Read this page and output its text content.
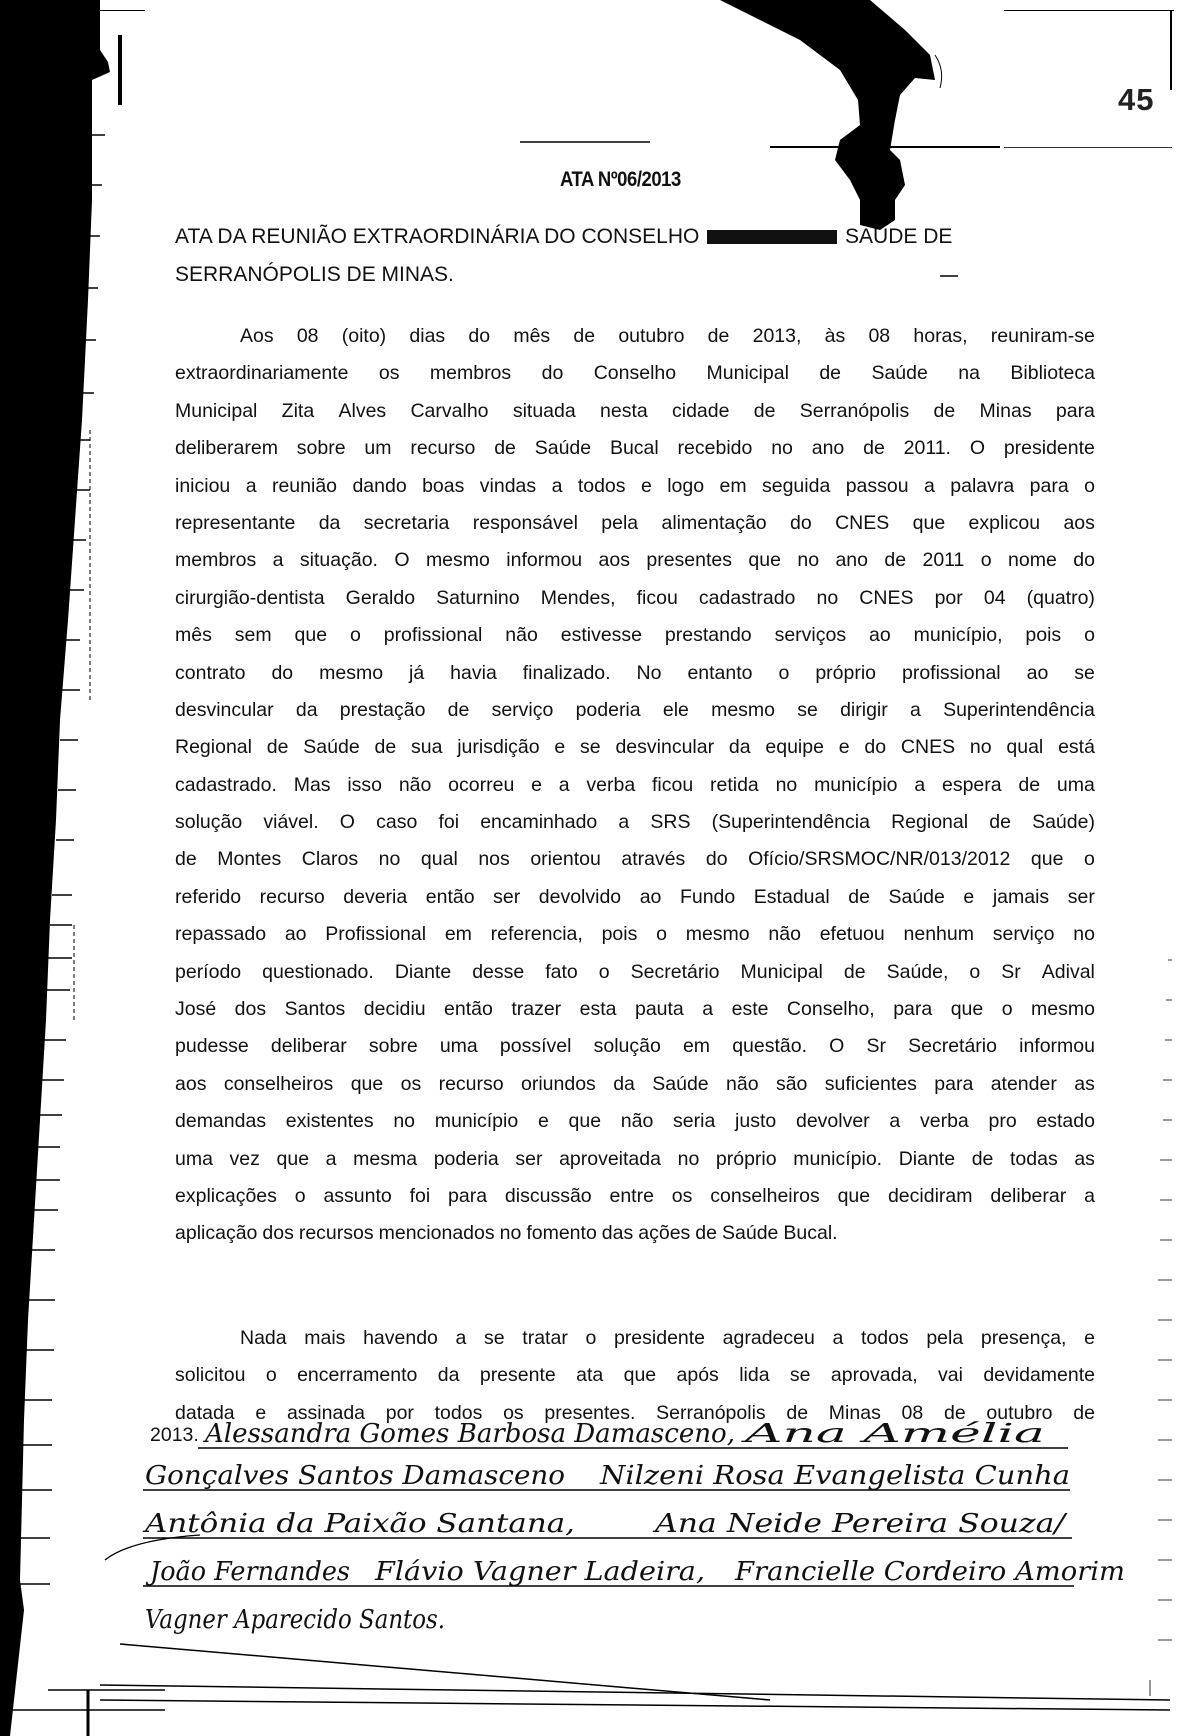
45
ATA Nº06/2013
ATA DA REUNIÃO EXTRAORDINÁRIA DO CONSELHO	SAÚDE DE
SERRANÓPOLIS DE MINAS.
Aos 08 (oito) dias do mês de outubro de 2013, às 08 horas, reuniram-se
extraordinariamente os membros do Conselho Municipal de Saúde na Biblioteca
Municipal Zita Alves Carvalho situada nesta cidade de Serranópolis de Minas para
deliberarem sobre um recurso de Saúde Bucal recebido no ano de 2011. O presidente
iniciou a reunião dando boas vindas a todos e logo em seguida passou a palavra para o
representante da secretaria responsável pela alimentação do CNES que explicou aos
membros a situação. O mesmo informou aos presentes que no ano de 2011 o nome do
cirurgião-dentista Geraldo Saturnino Mendes, ficou cadastrado no CNES por 04 (quatro)
mês sem que o profissional não estivesse prestando serviços ao município, pois o
contrato do mesmo já havia finalizado. No entanto o próprio profissional ao se
desvincular da prestação de serviço poderia ele mesmo se dirigir a Superintendência
Regional de Saúde de sua jurisdição e se desvincular da equipe e do CNES no qual está
cadastrado. Mas isso não ocorreu e a verba ficou retida no município a espera de uma
solução viável. O caso foi encaminhado a SRS (Superintendência Regional de Saúde)
de Montes Claros no qual nos orientou através do Ofício/SRSMOC/NR/013/2012 que o
referido recurso deveria então ser devolvido ao Fundo Estadual de Saúde e jamais ser
repassado ao Profissional em referencia, pois o mesmo não efetuou nenhum serviço no
período questionado. Diante desse fato o Secretário Municipal de Saúde, o Sr Adival
José dos Santos decidiu então trazer esta pauta a este Conselho, para que o mesmo
pudesse deliberar sobre uma possível solução em questão. O Sr Secretário informou
aos conselheiros que os recurso oriundos da Saúde não são suficientes para atender as
demandas existentes no município e que não seria justo devolver a verba pro estado
uma vez que a mesma poderia ser aproveitada no próprio município. Diante de todas as
explicações o assunto foi para discussão entre os conselheiros que decidiram deliberar a
aplicação dos recursos mencionados no fomento das ações de Saúde Bucal.
Nada mais havendo a se tratar o presidente agradeceu a todos pela presença, e
solicitou o encerramento da presente ata que após lida se aprovada, vai devidamente
datada e assinada por todos os presentes. Serranópolis de Minas 08 de outubro de
2013. Alessandra Gomes Barbosa Damasceno, Ana Amélia
Gonçalves Santos Damasceno Nilzeni Rosa Evangelista Cunha
Antônia da Paixão Santana,	Ana Neide Pereira Souza/
João Fernandes Flávio Vagner Ladeira, Francielle Cordeiro Amorim
Vagner Aparecido Santos.
